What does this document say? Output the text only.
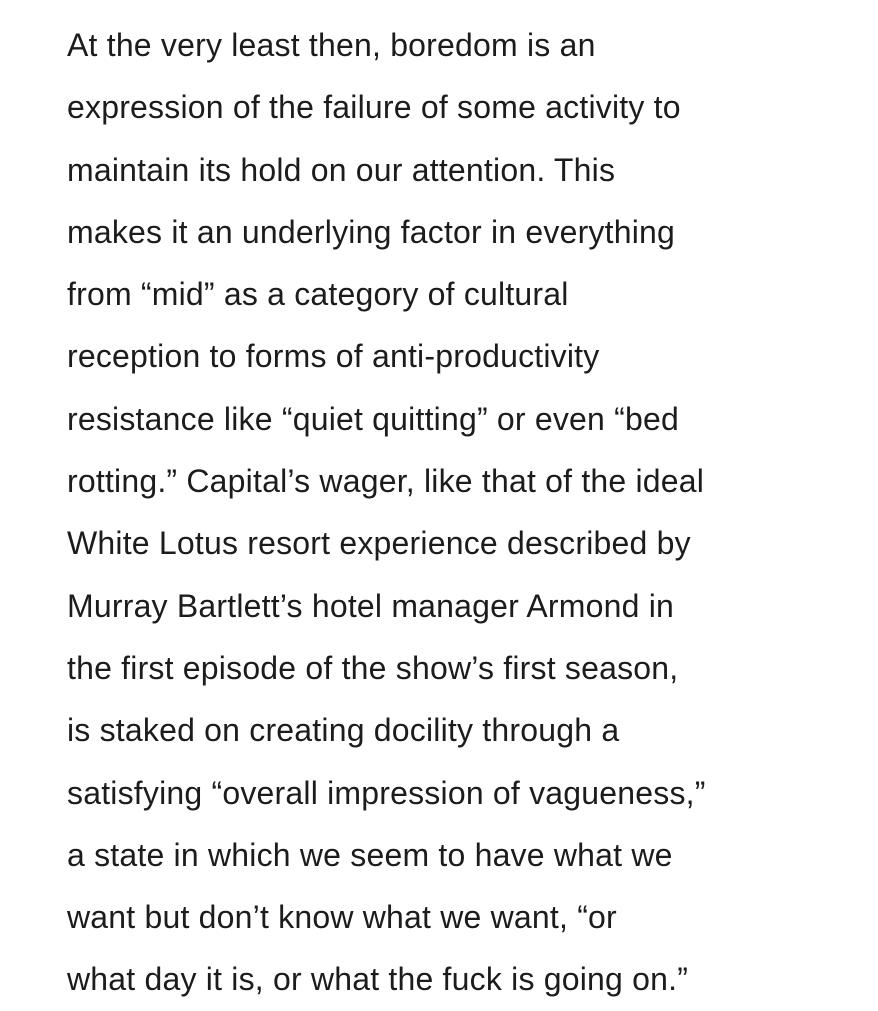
At the very least then, boredom is an
expression of the failure of some activity to
maintain its hold on our attention. This
makes it an underlying factor in everything
from “mid” as a category of cultural
reception to forms of anti-productivity
resistance like “quiet quitting” or even “bed
rotting.” Capital’s wager, like that of the ideal
White Lotus resort experience described by
Murray Bartlett’s hotel manager Armond in
the first episode of the show’s first season,
is staked on creating docility through a
satisfying “overall impression of vagueness,”
a state in which we seem to have what we
want but don’t know what we want, “or
what day it is, or what the fuck is going on.”
